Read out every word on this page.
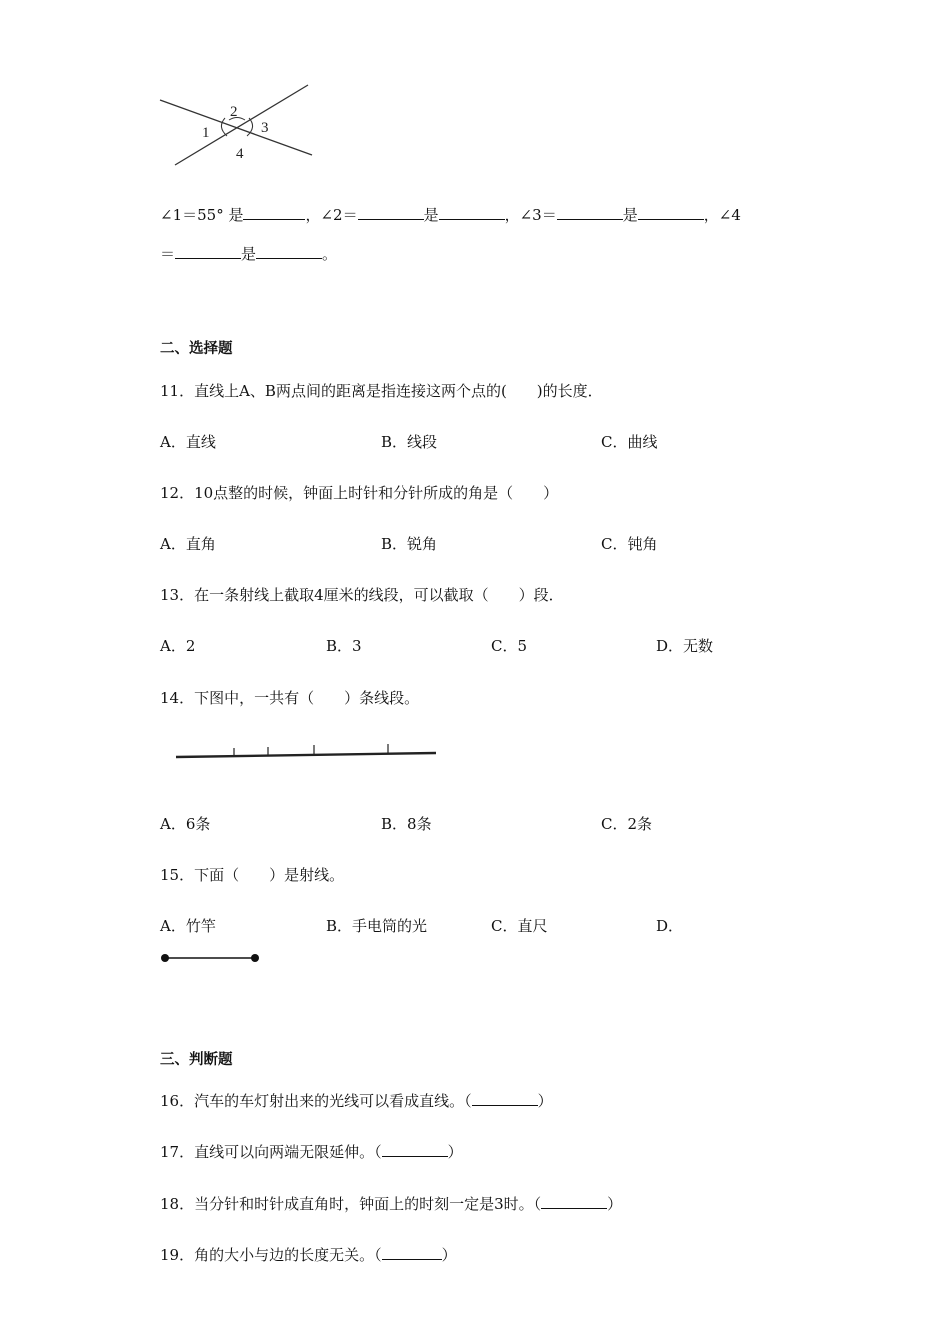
1
2
3
4
∠1＝55° 是	，∠2＝	是	，∠3＝	是	，∠4
＝	是	。
二、选择题
11．直线上A、B两点间的距离是指连接这两个点的(　　)的长度．
A．直线	B．线段	C．曲线
12．10点整的时候，钟面上时针和分针所成的角是（　　）
A．直角	B．锐角	C．钝角
13．在一条射线上截取4厘米的线段，可以截取（　　）段．
A．2	B．3	C．5	D．无数
14．下图中，一共有（　　）条线段。
A．6条	B．8条	C．2条
15．下面（　　）是射线。
A．竹竿	B．手电筒的光	C．直尺	D．
三、判断题
16．汽车的车灯射出来的光线可以看成直线。（	）
17．直线可以向两端无限延伸。（	）
18．当分针和时针成直角时，钟面上的时刻一定是3时。（	）
19．角的大小与边的长度无关。（	）
